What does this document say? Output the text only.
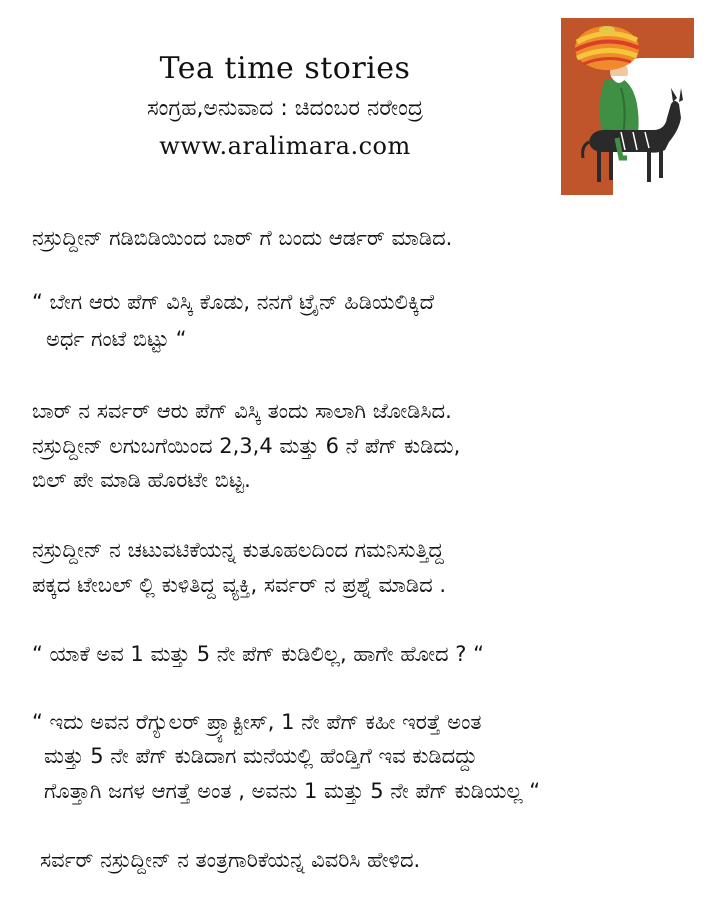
Tea time stories
ಸಂಗ್ರಹ,ಅನುವಾದ : ಚಿದಂಬರ ನರೇಂದ್ರ
www.aralimara.com
ನಸ್ರುದ್ದೀನ್ ಗಡಿಬಿಡಿಯಿಂದ ಬಾರ್ ಗೆ ಬಂದು ಆರ್ಡರ್ ಮಾಡಿದ.
“ ಬೇಗ ಆರು ಪೆಗ್ ವಿಸ್ಕಿ ಕೊಡು, ನನಗೆ ಟ್ರೈನ್ ಹಿಡಿಯಲಿಕ್ಕಿದೆ
ಅರ್ಧ ಗಂಟೆ ಬಿಟ್ಟು “
ಬಾರ್ ನ ಸರ್ವರ್ ಆರು ಪೆಗ್ ವಿಸ್ಕಿ ತಂದು ಸಾಲಾಗಿ ಜೋಡಿಸಿದ.
ನಸ್ರುದ್ದೀನ್ ಲಗುಬಗೆಯಿಂದ 2,3,4 ಮತ್ತು 6 ನೆ ಪೆಗ್ ಕುಡಿದು,
ಬಿಲ್ ಪೇ ಮಾಡಿ ಹೊರಟೇ ಬಿಟ್ಟ.
ನಸ್ರುದ್ದೀನ್ ನ ಚಟುವಟಿಕೆಯನ್ನ ಕುತೂಹಲದಿಂದ ಗಮನಿಸುತ್ತಿದ್ದ
ಪಕ್ಕದ ಟೇಬಲ್ ಲ್ಲಿ ಕುಳಿತಿದ್ದ ವ್ಯಕ್ತಿ, ಸರ್ವರ್ ನ ಪ್ರಶ್ನೆ ಮಾಡಿದ .
“ ಯಾಕೆ ಅವ 1 ಮತ್ತು 5 ನೇ ಪೆಗ್ ಕುಡಿಲಿಲ್ಲ, ಹಾಗೇ ಹೋದ ? “
“ ಇದು ಅವನ ರೆಗ್ಯುಲರ್ ಪ್ರ್ಯಾಕ್ಟೀಸ್, 1 ನೇ ಪೆಗ್ ಕಹೀ ಇರತ್ತೆ ಅಂತ
ಮತ್ತು 5 ನೇ ಪೆಗ್ ಕುಡಿದಾಗ ಮನೆಯಲ್ಲಿ ಹೆಂಡ್ತಿಗೆ ಇವ ಕುಡಿದದ್ದು
ಗೊತ್ತಾಗಿ ಜಗಳ ಆಗತ್ತೆ ಅಂತ , ಅವನು 1 ಮತ್ತು 5 ನೇ ಪೆಗ್ ಕುಡಿಯಲ್ಲ “
ಸರ್ವರ್ ನಸ್ರುದ್ದೀನ್ ನ ತಂತ್ರಗಾರಿಕೆಯನ್ನ ವಿವರಿಸಿ ಹೇಳಿದ.
